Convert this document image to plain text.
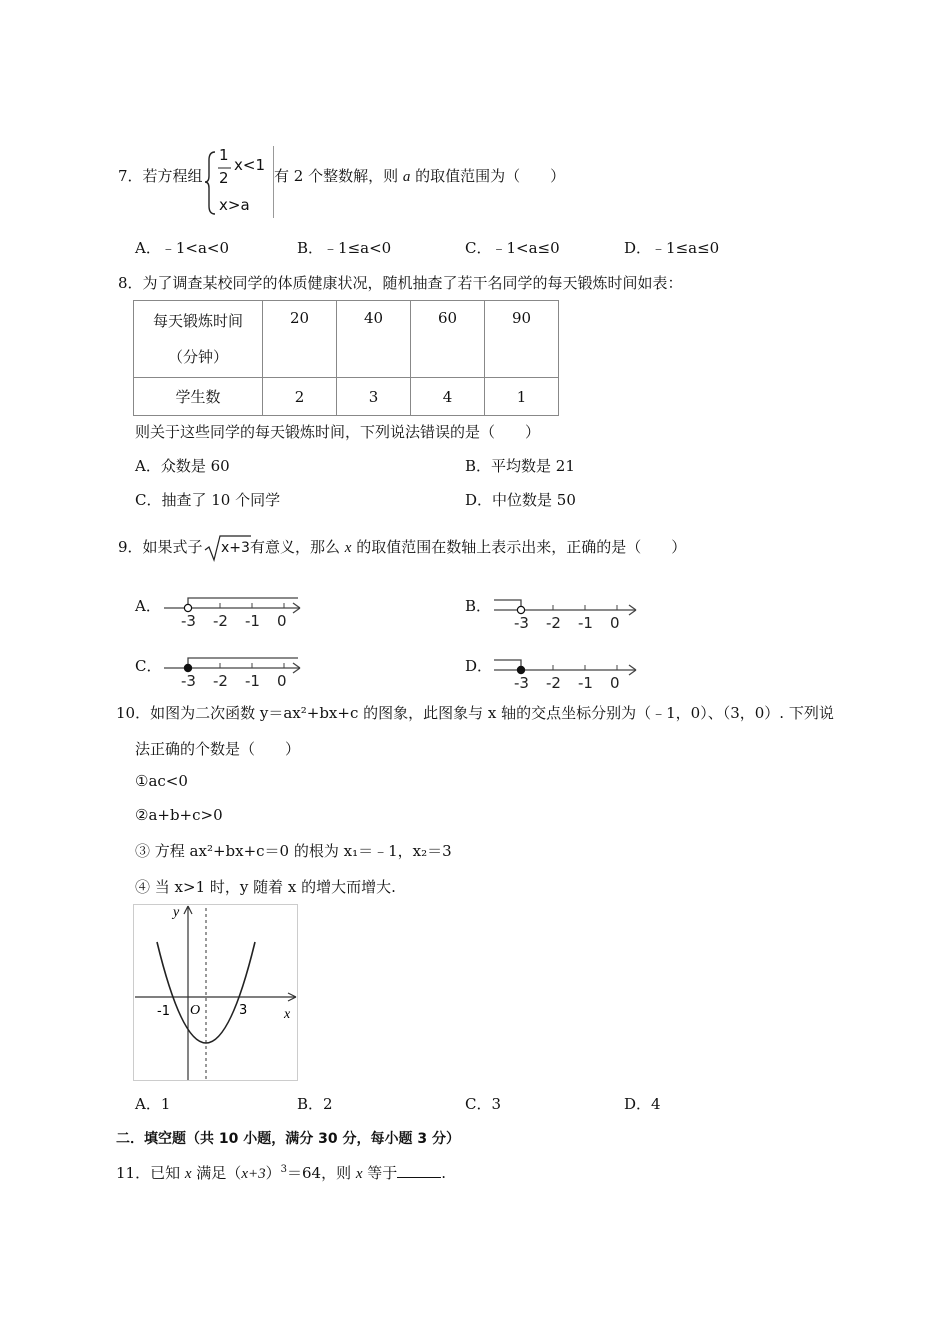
7．若方程组
1
2
x<1
x>a
有 2 个整数解，则 a 的取值范围为（　　）
A．﹣1<a<0	B．﹣1≤a<0	C．﹣1<a≤0	D．﹣1≤a≤0
8．为了调查某校同学的体质健康状况，随机抽查了若干名同学的每天锻炼时间如表：
每天锻炼时间
（分钟）	20	40	60	90
学生数	2	3	4	1
则关于这些同学的每天锻炼时间，下列说法错误的是（　　）
A．众数是 60	B．平均数是 21
C．抽查了 10 个同学	D．中位数是 50
9．如果式子 x+3 有意义，那么 x 的取值范围在数轴上表示出来，正确的是（　　）
A．	B．
C．	D．
-3 -2 -1 0	-3 -2 -1 0
-3 -2 -1 0	-3 -2 -1 0
10．如图为二次函数 y＝ax²+bx+c 的图象，此图象与 x 轴的交点坐标分别为（﹣1，0）、（3，0）. 下列说
法正确的个数是（　　）
①ac<0
②a+b+c>0
③ 方程 ax²+bx+c＝0 的根为 x₁＝﹣1，x₂＝3
④ 当 x>1 时，y 随着 x 的增大而增大.
y
x
O
-1	3
A．1	B．2	C．3	D．4
二．填空题（共 10 小题，满分 30 分，每小题 3 分）
11．已知 x 满足$(x+3)^3=64$，则 x 等于	.
